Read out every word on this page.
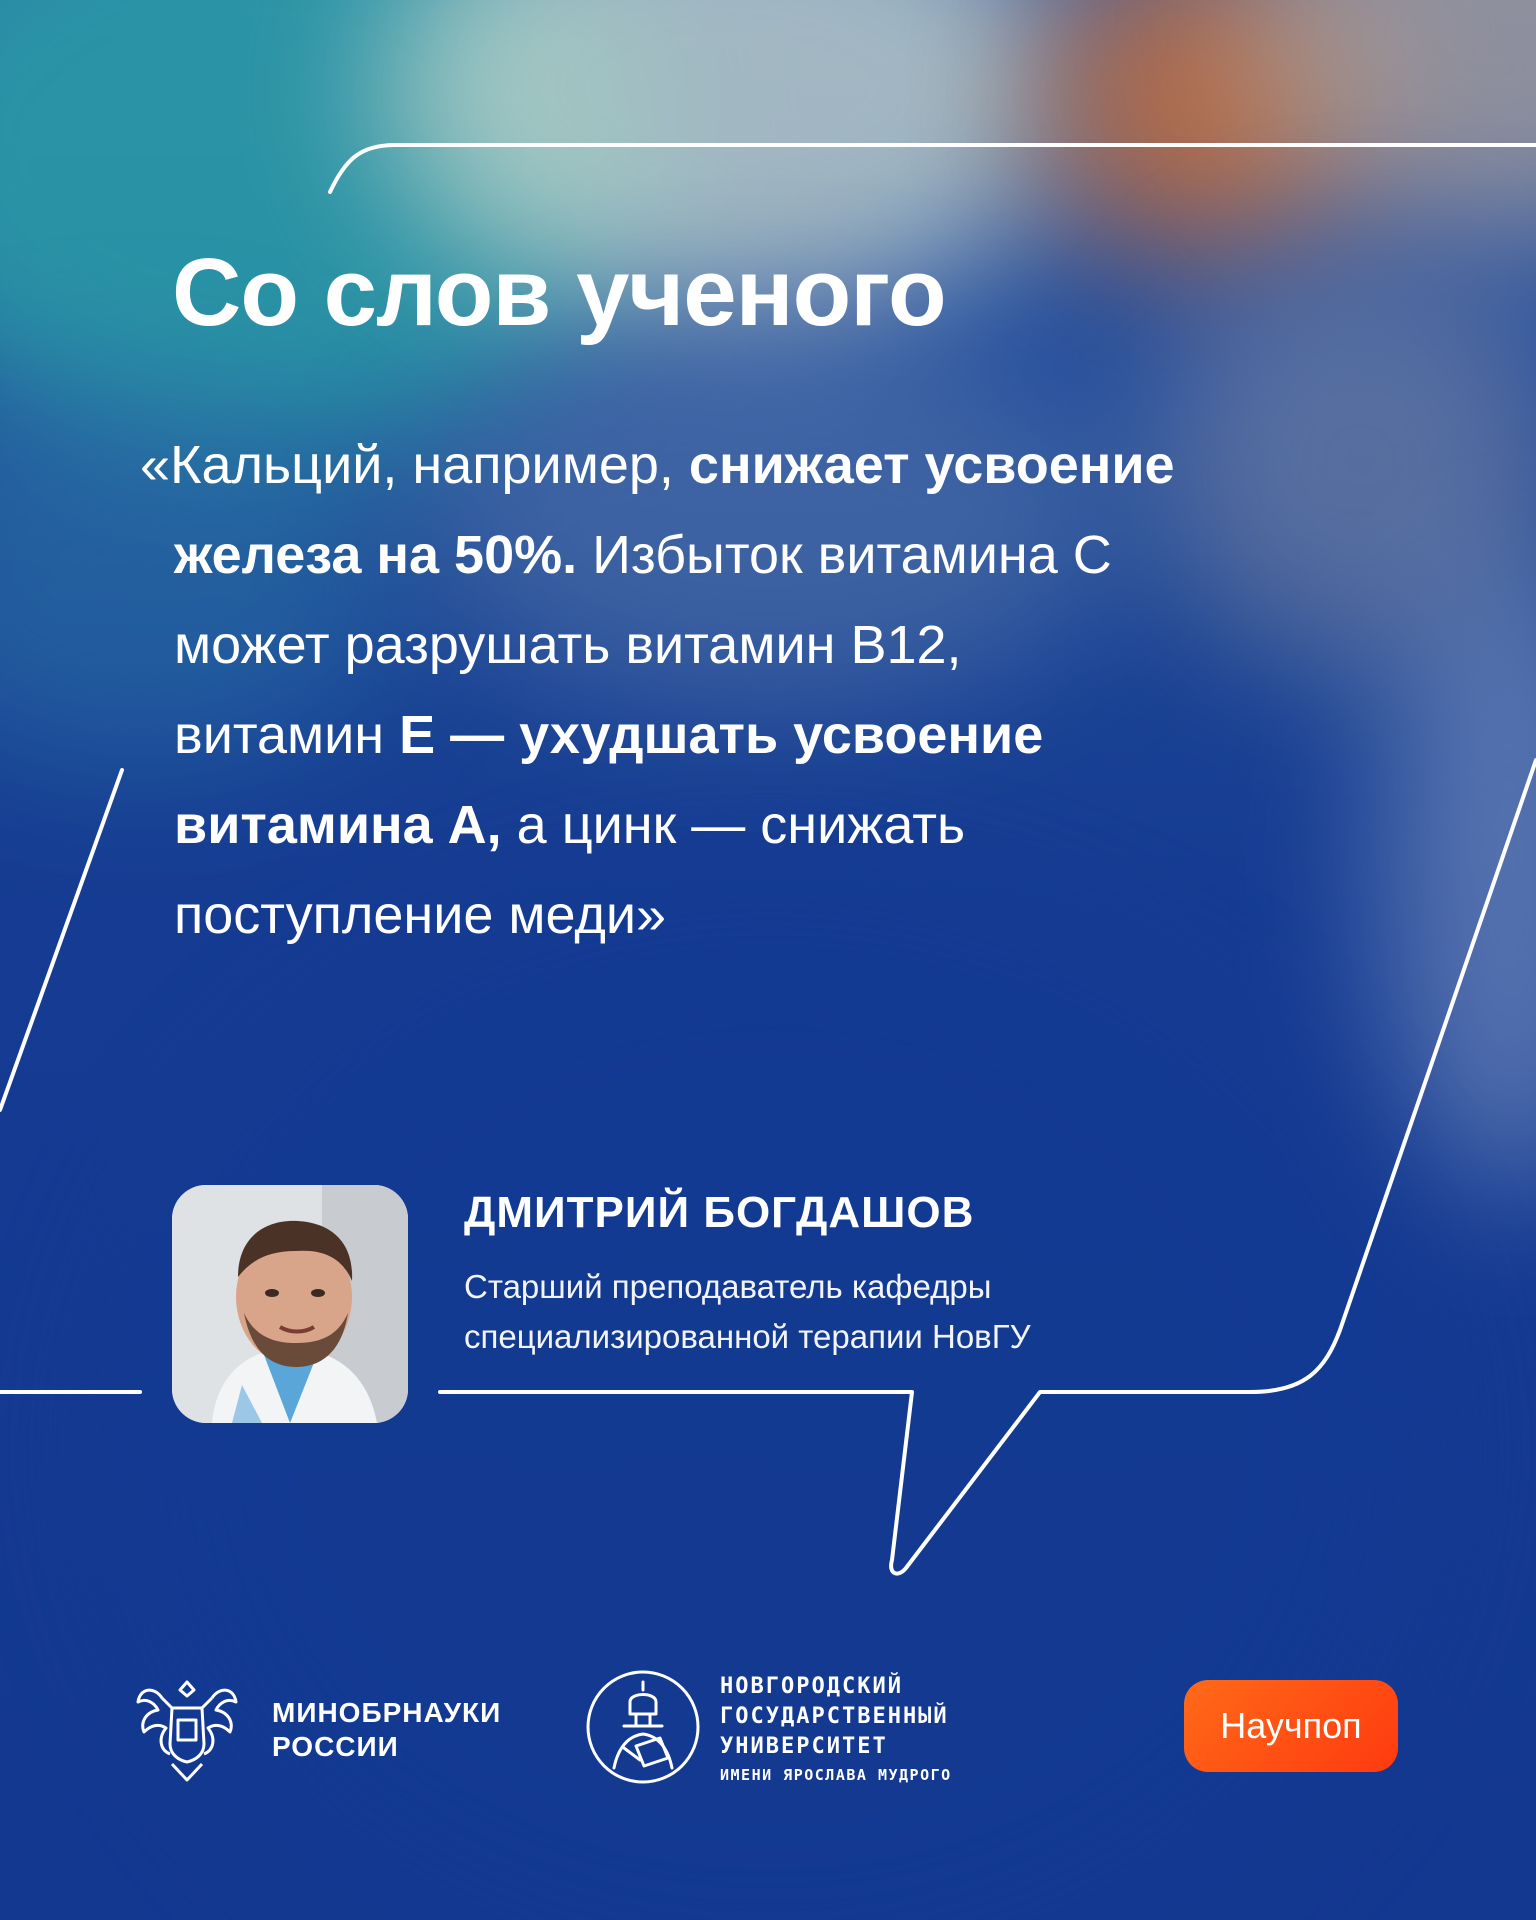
Со слов ученого

«Кальций, например, снижает усвоение
железа на 50%. Избыток витамина С
может разрушать витамин В12,
витамин Е — ухудшать усвоение
витамина А, а цинк — снижать
поступление меди»

ДМИТРИЙ БОГДАШОВ

Старший преподаватель кафедры
специализированной терапии НовГУ

МИНОБРНАУКИ
РОССИИ

НОВГОРОДСКИЙ
ГОСУДАРСТВЕННЫЙ
УНИВЕРСИТЕТ
ИМЕНИ ЯРОСЛАВА МУДРОГО

Научпоп
